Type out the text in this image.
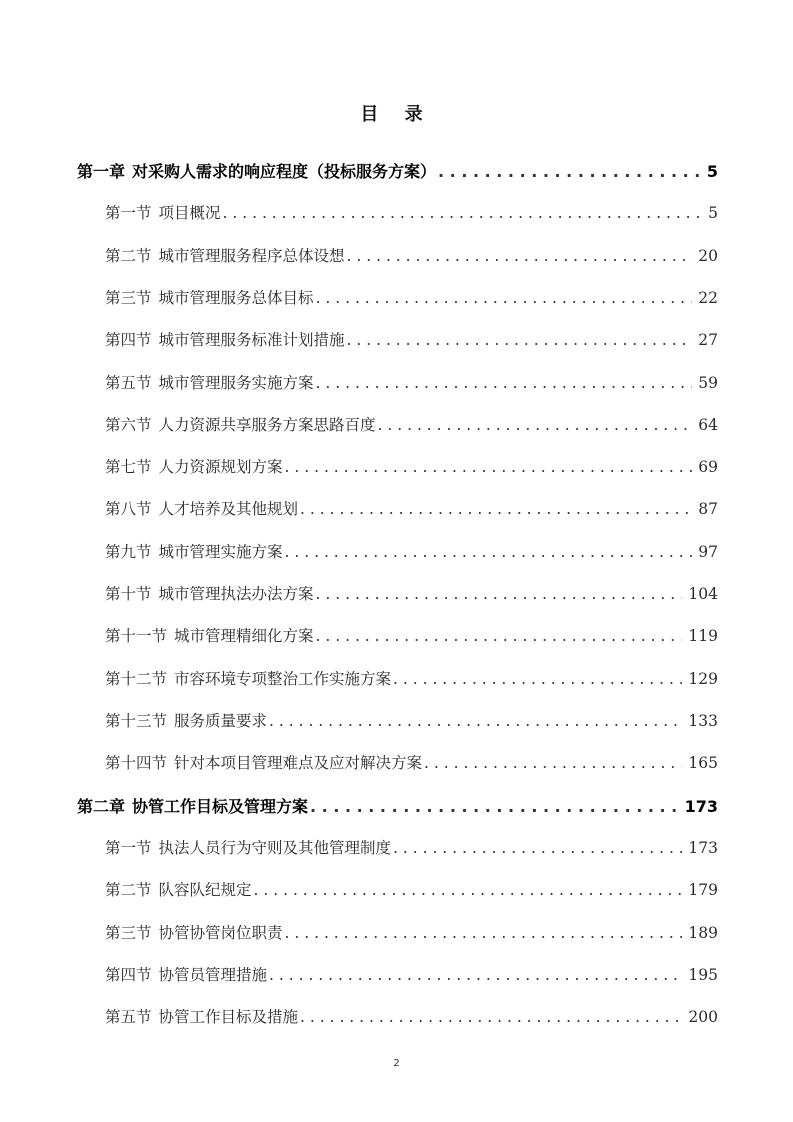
目 录
第一章 对采购人需求的响应程度（投标服务方案） . . .	5
第一节 项目概况 . . .	5
第二节 城市管理服务程序总体设想 . . .	20
第三节 城市管理服务总体目标 . . .	22
第四节 城市管理服务标准计划措施 . . .	27
第五节 城市管理服务实施方案 . . .	59
第六节 人力资源共享服务方案思路百度 . . .	64
第七节 人力资源规划方案 . . .	69
第八节 人才培养及其他规划 . . .	87
第九节 城市管理实施方案 . . .	97
第十节 城市管理执法办法方案 . . .	104
第十一节 城市管理精细化方案 . . .	119
第十二节 市容环境专项整治工作实施方案 . . .	129
第十三节 服务质量要求 . . .	133
第十四节 针对本项目管理难点及应对解决方案 . . .	165
第二章 协管工作目标及管理方案 . . .	173
第一节 执法人员行为守则及其他管理制度 . . .	173
第二节 队容队纪规定 . . .	179
第三节 协管协管岗位职责 . . .	189
第四节 协管员管理措施 . . .	195
第五节 协管工作目标及措施 . . .	200
2
